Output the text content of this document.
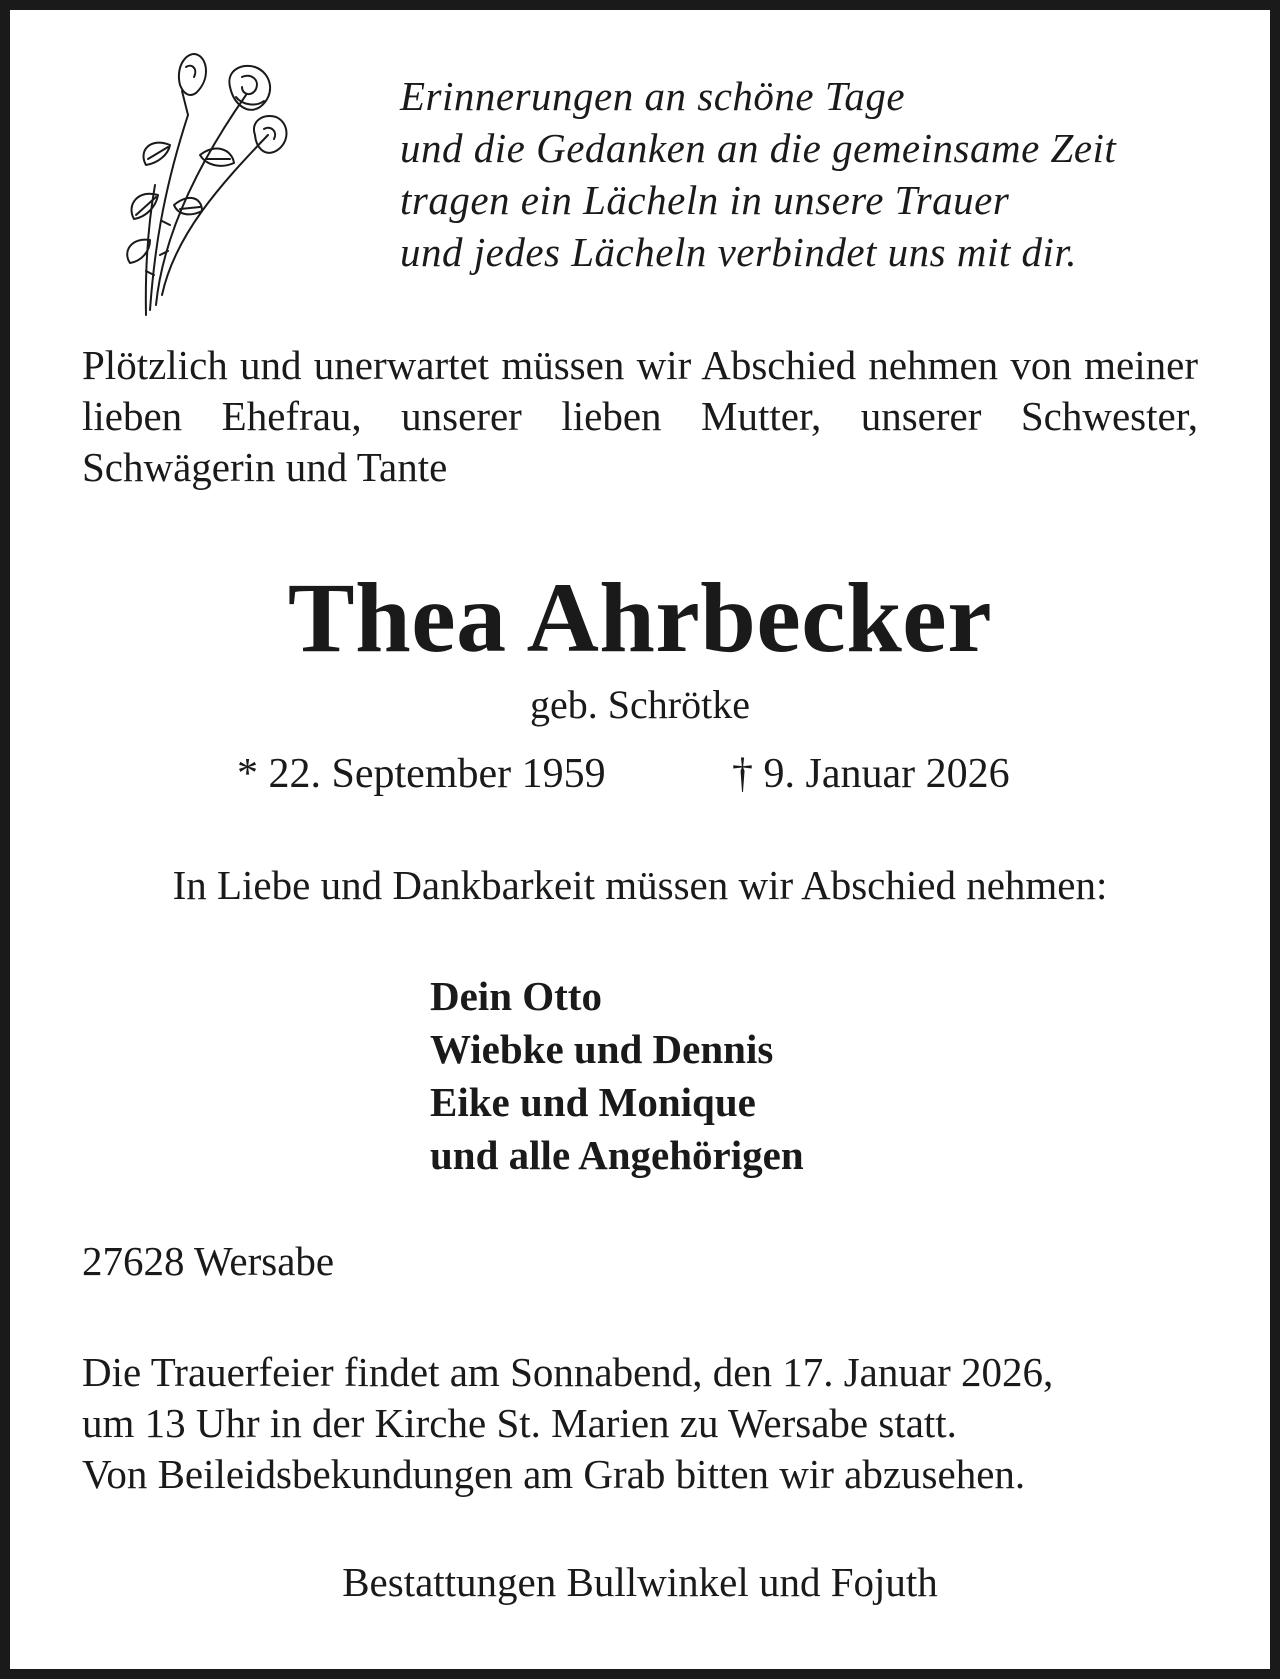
Erinnerungen an schöne Tage
und die Gedanken an die gemeinsame Zeit
tragen ein Lächeln in unsere Trauer
und jedes Lächeln verbindet uns mit dir.
Plötzlich und unerwartet müssen wir Abschied nehmen von meiner lieben Ehefrau, unserer lieben Mutter, unserer Schwester, Schwägerin und Tante
Thea Ahrbecker
geb. Schrötke
* 22. September 1959	† 9. Januar 2026
In Liebe und Dankbarkeit müssen wir Abschied nehmen:
Dein Otto
Wiebke und Dennis
Eike und Monique
und alle Angehörigen
27628 Wersabe
Die Trauerfeier findet am Sonnabend, den 17. Januar 2026,
um 13 Uhr in der Kirche St. Marien zu Wersabe statt.
Von Beileidsbekundungen am Grab bitten wir abzusehen.
Bestattungen Bullwinkel und Fojuth
